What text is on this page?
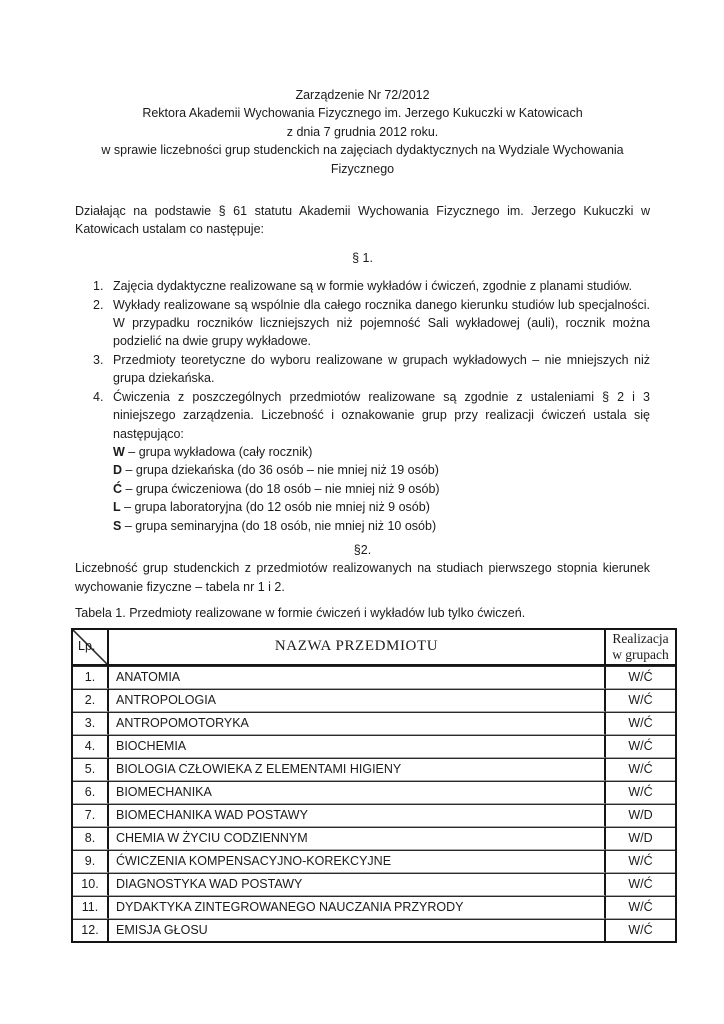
Zarządzenie Nr 72/2012
Rektora Akademii Wychowania Fizycznego im. Jerzego Kukuczki w Katowicach
z dnia 7 grudnia 2012 roku.
w sprawie liczebności grup studenckich na zajęciach dydaktycznych na Wydziale Wychowania Fizycznego

Działając na podstawie § 61 statutu Akademii Wychowania Fizycznego im. Jerzego Kukuczki w Katowicach ustalam co następuje:

§ 1.
1. Zajęcia dydaktyczne realizowane są w formie wykładów i ćwiczeń, zgodnie z planami studiów.
2. Wykłady realizowane są wspólnie dla całego rocznika danego kierunku studiów lub specjalności. W przypadku roczników liczniejszych niż pojemność Sali wykładowej (auli), rocznik można podzielić na dwie grupy wykładowe.
3. Przedmioty teoretyczne do wyboru realizowane w grupach wykładowych – nie mniejszych niż grupa dziekańska.
4. Ćwiczenia z poszczególnych przedmiotów realizowane są zgodnie z ustaleniami § 2 i 3 niniejszego zarządzenia. Liczebność i oznakowanie grup przy realizacji ćwiczeń ustala się następująco:
W – grupa wykładowa (cały rocznik)
D – grupa dziekańska (do 36 osób – nie mniej niż 19 osób)
Ć – grupa ćwiczeniowa (do 18 osób – nie mniej niż 9 osób)
L – grupa laboratoryjna (do 12 osób nie mniej niż 9 osób)
S – grupa seminaryjna (do 18 osób, nie mniej niż 10 osób)
§2.

Liczebność grup studenckich z przedmiotów realizowanych na studiach pierwszego stopnia kierunek wychowanie fizyczne – tabela nr 1 i 2.

Tabela 1. Przedmioty realizowane w formie ćwiczeń i wykładów lub tylko ćwiczeń.

Lp.	NAZWA PRZEDMIOTU	Realizacja
w grupach

1.	ANATOMIA	W/Ć
2.	ANTROPOLOGIA	W/Ć
3.	ANTROPOMOTORYKA	W/Ć
4.	BIOCHEMIA	W/Ć
5.	BIOLOGIA CZŁOWIEKA Z ELEMENTAMI HIGIENY	W/Ć
6.	BIOMECHANIKA	W/Ć
7.	BIOMECHANIKA WAD POSTAWY	W/D
8.	CHEMIA W ŻYCIU CODZIENNYM	W/D
9.	ĆWICZENIA KOMPENSACYJNO-KOREKCYJNE	W/Ć
10.	DIAGNOSTYKA WAD POSTAWY	W/Ć
11.	DYDAKTYKA ZINTEGROWANEGO NAUCZANIA PRZYRODY	W/Ć
12.	EMISJA GŁOSU	W/Ć
